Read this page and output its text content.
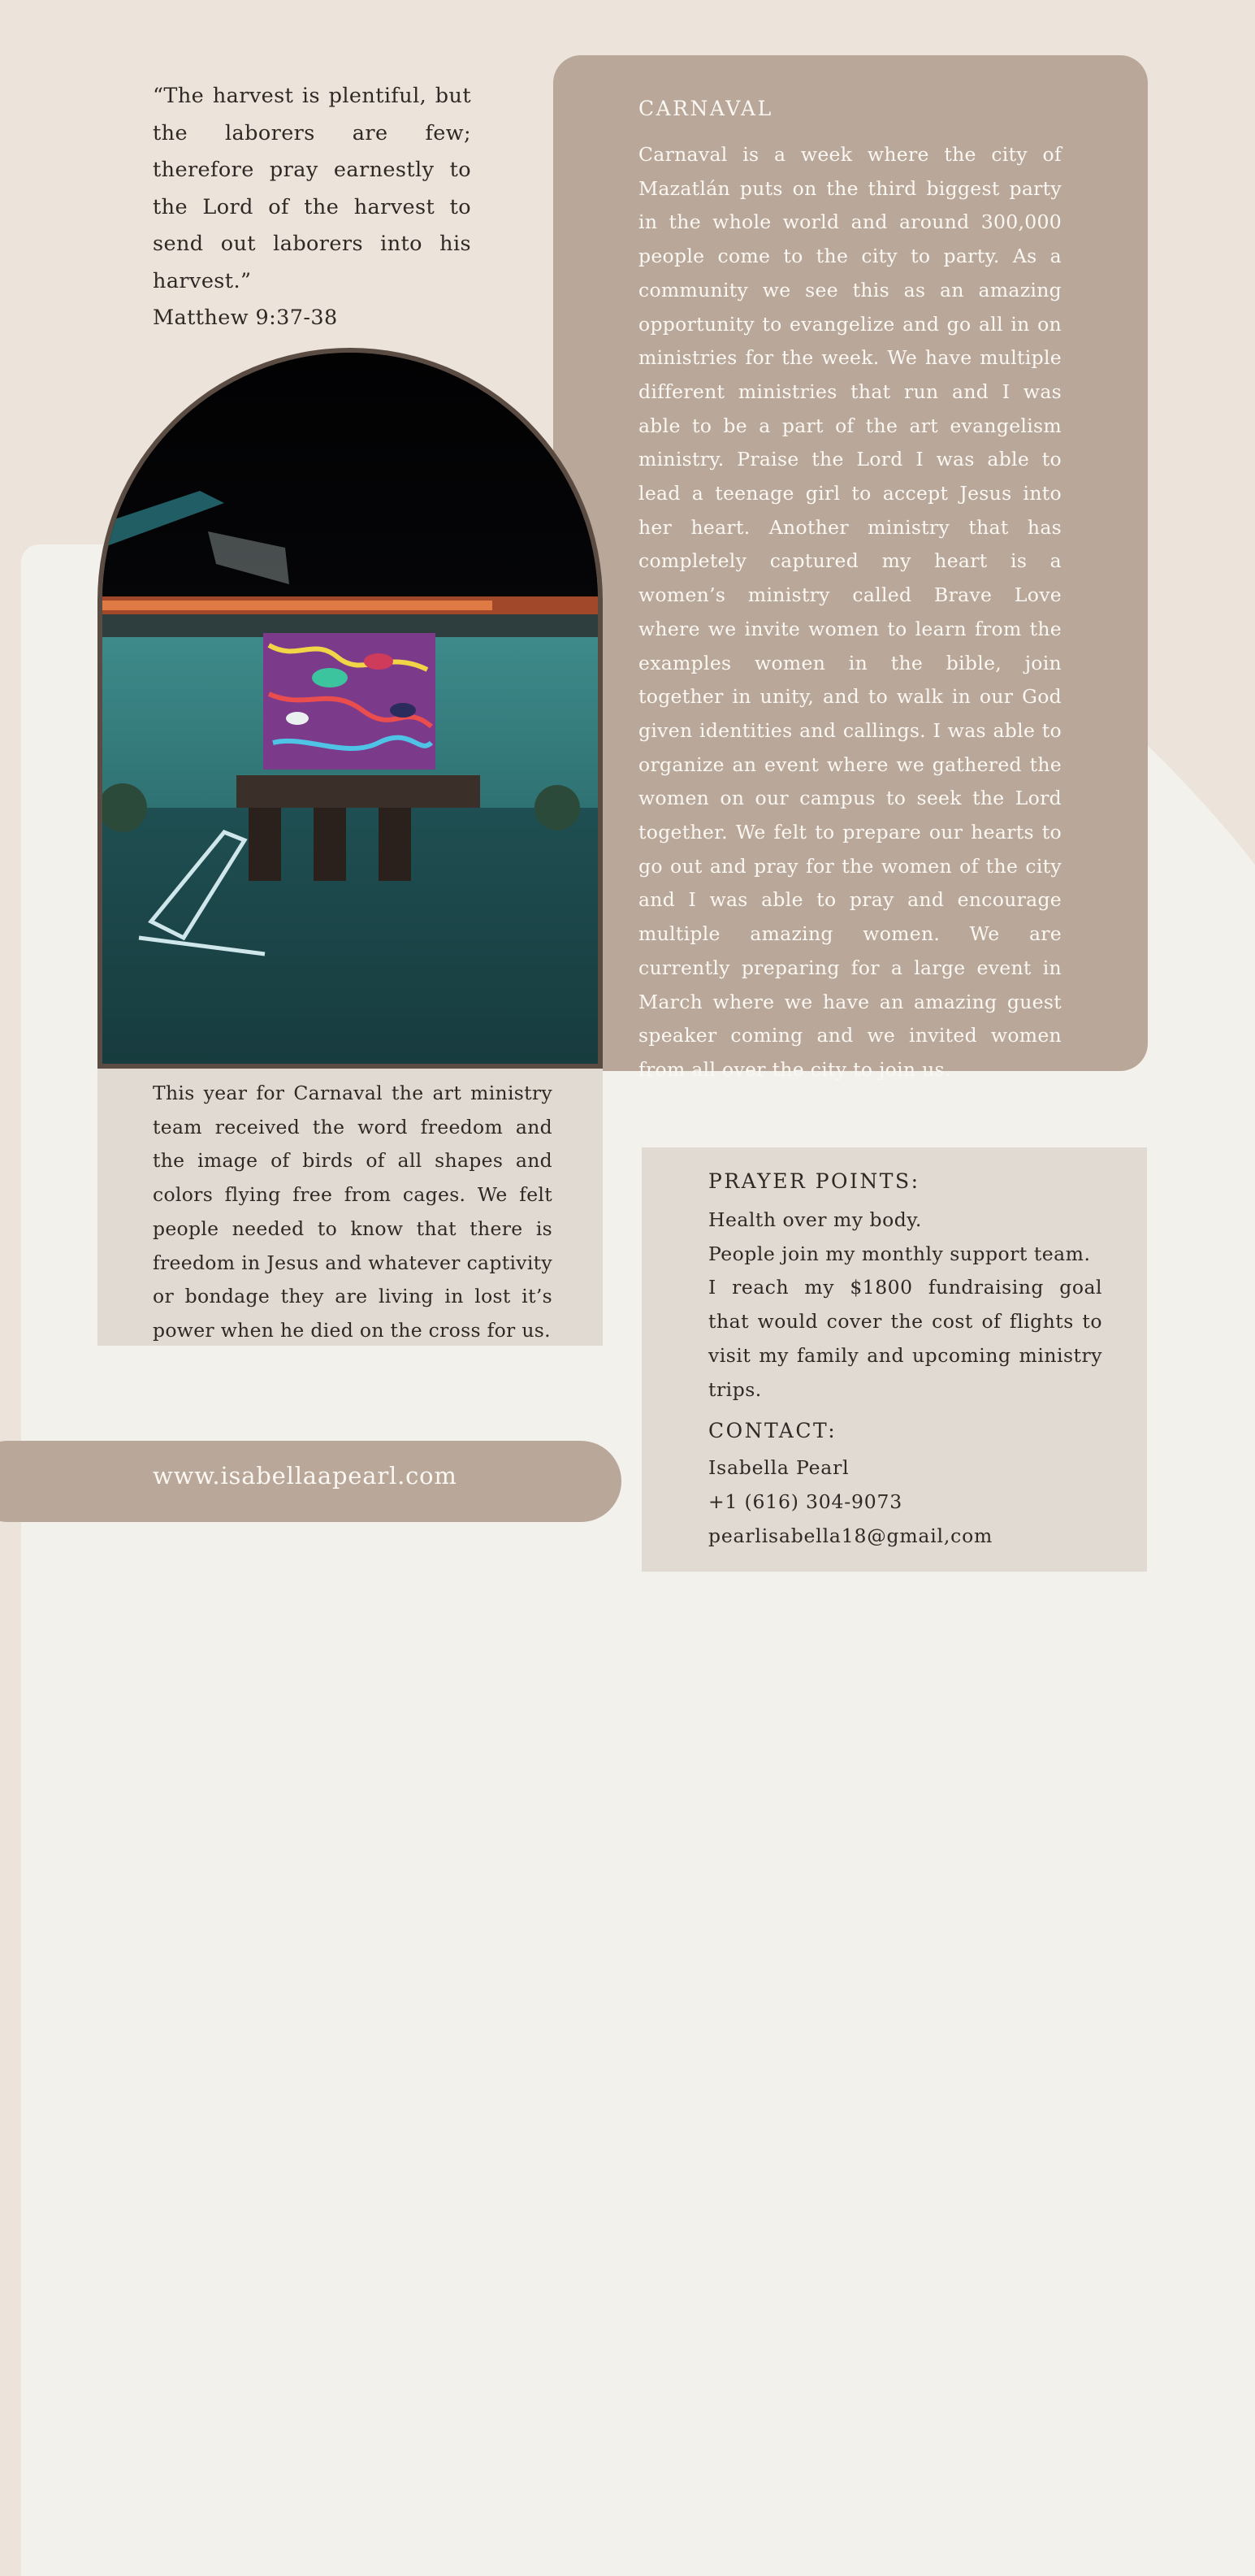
“The harvest is plentiful, but the laborers are few; therefore pray earnestly to the Lord of the harvest to send out laborers into his harvest.”

Matthew 9:37-38

CARNAVAL

Carnaval is a week where the city of Mazatlán puts on the third biggest party in the whole world and around 300,000 people come to the city to party. As a community we see this as an amazing opportunity to evangelize and go all in on ministries for the week. We have multiple different ministries that run and I was able to be a part of the art evangelism ministry. Praise the Lord I was able to lead a teenage girl to accept Jesus into her heart. Another ministry that has completely captured my heart is a women’s ministry called Brave Love where we invite women to learn from the examples women in the bible, join together in unity, and to walk in our God given identities and callings. I was able to organize an event where we gathered the women on our campus to seek the Lord together. We felt to prepare our hearts to go out and pray for the women of the city and I was able to pray and encourage multiple amazing women. We are currently preparing for a large event in March where we have an amazing guest speaker coming and we invited women from all over the city to join us.

This year for Carnaval the art ministry team received the word freedom and the image of birds of all shapes and colors flying free from cages. We felt people needed to know that there is freedom in Jesus and whatever captivity or bondage they are living in lost it’s power when he died on the cross for us.

www.isabellaapearl.com
PRAYER POINTS:
Health over my body.
People join my monthly support team.
I reach my $1800 fundraising goal that would cover the cost of flights to visit my family and upcoming ministry trips.
CONTACT:
Isabella Pearl
+1 (616) 304-9073
pearlisabella18@gmail,com
